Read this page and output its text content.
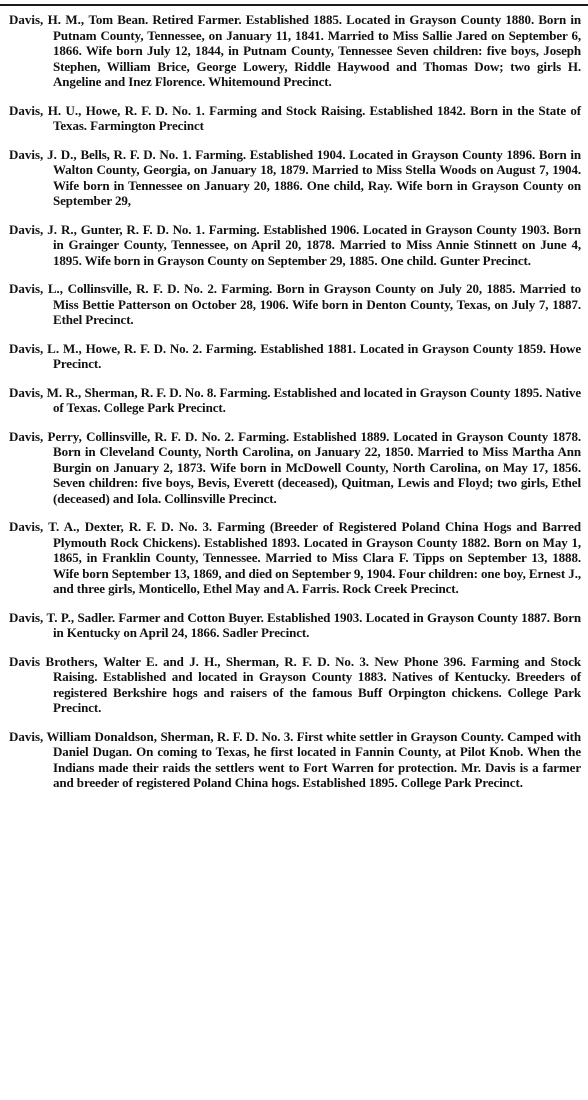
Davis, H. M., Tom Bean. Retired Farmer. Established 1885. Located in Grayson County 1880. Born in Putnam County, Tennessee, on January 11, 1841. Married to Miss Sallie Jared on September 6, 1866. Wife born July 12, 1844, in Putnam County, Tennessee Seven children: five boys, Joseph Stephen, William Brice, George Lowery, Riddle Haywood and Thomas Dow; two girls H. Angeline and Inez Florence. Whitemound Precinct.

Davis, H. U., Howe, R. F. D. No. 1. Farming and Stock Raising. Established 1842. Born in the State of Texas. Farmington Precinct

Davis, J. D., Bells, R. F. D. No. 1. Farming. Established 1904. Located in Grayson County 1896. Born in Walton County, Georgia, on January 18, 1879. Married to Miss Stella Woods on August 7, 1904. Wife born in Tennessee on January 20, 1886. One child, Ray. Wife born in Grayson County on September 29,

Davis, J. R., Gunter, R. F. D. No. 1. Farming. Established 1906. Located in Grayson County 1903. Born in Grainger County, Tennessee, on April 20, 1878. Married to Miss Annie Stinnett on June 4, 1895. Wife born in Grayson County on September 29, 1885. One child. Gunter Precinct.

Davis, L., Collinsville, R. F. D. No. 2. Farming. Born in Grayson County on July 20, 1885. Married to Miss Bettie Patterson on October 28, 1906. Wife born in Denton County, Texas, on July 7, 1887. Ethel Precinct.

Davis, L. M., Howe, R. F. D. No. 2. Farming. Established 1881. Located in Grayson County 1859. Howe Precinct.

Davis, M. R., Sherman, R. F. D. No. 8. Farming. Established and located in Grayson County 1895. Native of Texas. College Park Precinct.

Davis, Perry, Collinsville, R. F. D. No. 2. Farming. Established 1889. Located in Grayson County 1878. Born in Cleveland County, North Carolina, on January 22, 1850. Married to Miss Martha Ann Burgin on January 2, 1873. Wife born in McDowell County, North Carolina, on May 17, 1856. Seven children: five boys, Bevis, Everett (deceased), Quitman, Lewis and Floyd; two girls, Ethel (deceased) and Iola. Collinsville Precinct.

Davis, T. A., Dexter, R. F. D. No. 3. Farming (Breeder of Registered Poland China Hogs and Barred Plymouth Rock Chickens). Established 1893. Located in Grayson County 1882. Born on May 1, 1865, in Franklin County, Tennessee. Married to Miss Clara F. Tipps on September 13, 1888. Wife born September 13, 1869, and died on September 9, 1904. Four children: one boy, Ernest J., and three girls, Monticello, Ethel May and A. Farris. Rock Creek Precinct.

Davis, T. P., Sadler. Farmer and Cotton Buyer. Established 1903. Located in Grayson County 1887. Born in Kentucky on April 24, 1866. Sadler Precinct.

Davis Brothers, Walter E. and J. H., Sherman, R. F. D. No. 3. New Phone 396. Farming and Stock Raising. Established and located in Grayson County 1883. Natives of Kentucky. Breeders of registered Berkshire hogs and raisers of the famous Buff Orpington chickens. College Park Precinct.

Davis, William Donaldson, Sherman, R. F. D. No. 3. First white settler in Grayson County. Camped with Daniel Dugan. On coming to Texas, he first located in Fannin County, at Pilot Knob. When the Indians made their raids the settlers went to Fort Warren for protection. Mr. Davis is a farmer and breeder of registered Poland China hogs. Established 1895. College Park Precinct.
